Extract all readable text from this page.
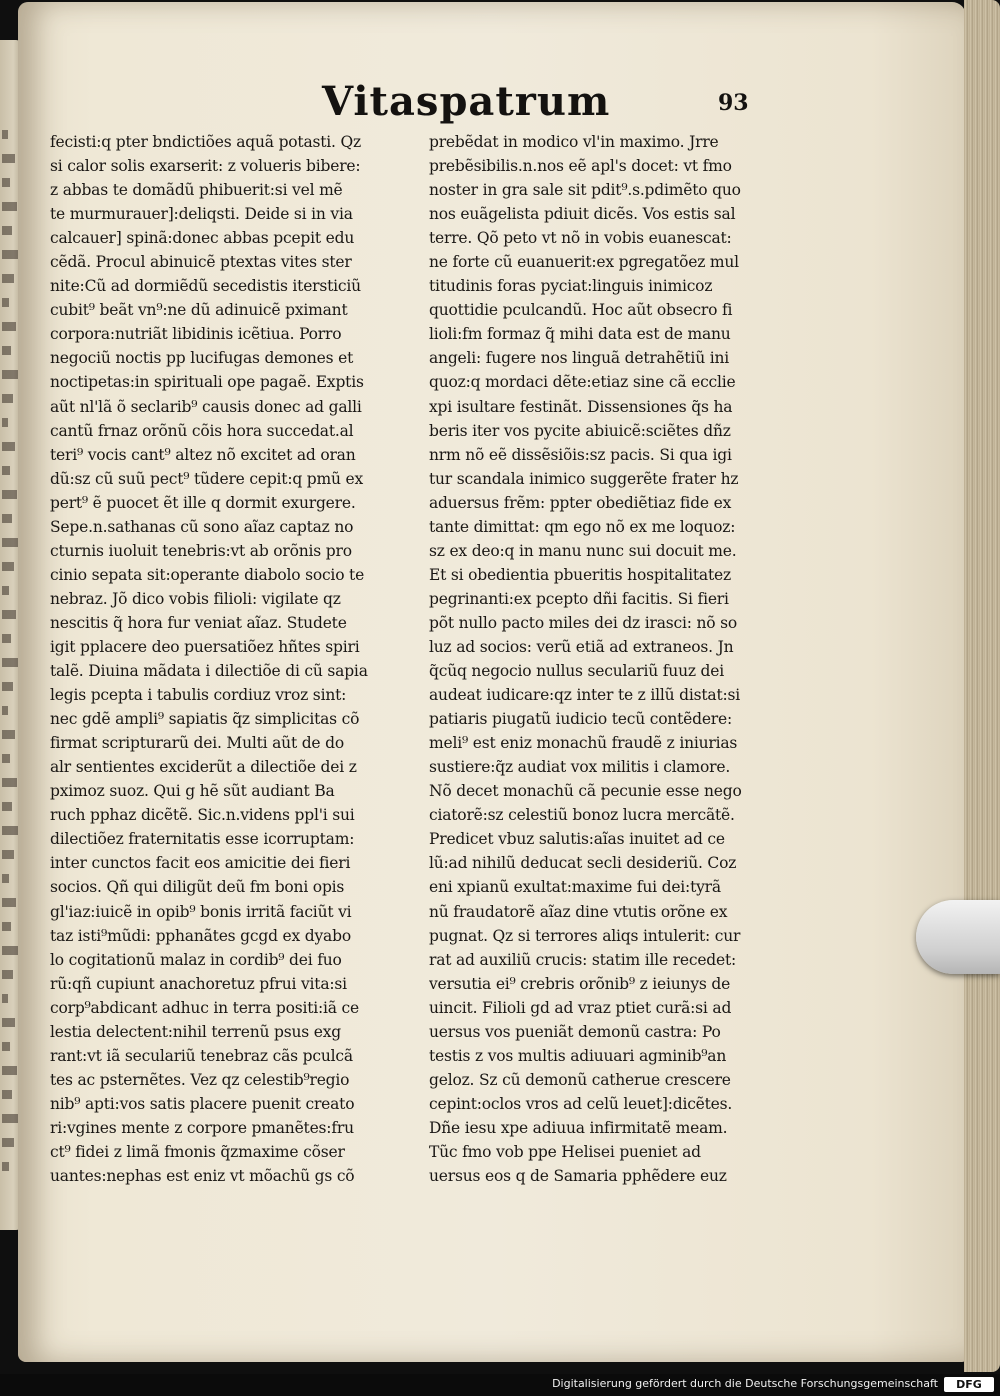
Vitaspatrum	93
fecisti:q pter bndictiões aquã potasti. Qz
si calor solis exarserit: z volueris bibere:
z abbas te domãdũ phibuerit:si vel mẽ
te murmurauer]:deliqsti. Deide si in via
calcauer] spinã:donec abbas pcepit edu
cẽdã. Procul abinuicẽ ptextas vites ster
nite:Cũ ad dormiẽdũ secedistis itersticiũ
cubit⁹ beãt vn⁹:ne dũ adinuicẽ pximant
corpora:nutriãt libidinis icẽtiua. Porro
negociũ noctis pp lucifugas demones et
noctipetas:in spirituali ope pagaẽ. Exptis
aũt nl'lã õ seclarib⁹ causis donec ad galli
cantũ frnaz orõnũ cõis hora succedat.al
teri⁹ vocis cant⁹ altez nõ excitet ad oran
dũ:sz cũ suũ pect⁹ tũdere cepit:q pmũ ex
pert⁹ ẽ puocet ẽt ille q dormit exurgere.
Sepe.n.sathanas cũ sono aĩaz captaz no
cturnis iuoluit tenebris:vt ab orõnis pro
cinio sepata sit:operante diabolo socio te
nebraz. Jõ dico vobis filioli: vigilate qz
nescitis q̃ hora fur veniat aĩaz. Studete
igit pplacere deo puersatiõez hñtes spiri
talẽ. Diuina mãdata i dilectiõe di cũ sapia
legis pcepta i tabulis cordiuz vroz sint:
nec gdẽ ampli⁹ sapiatis q̃z simplicitas cõ
firmat scripturarũ dei. Multi aũt de do
alr sentientes exciderũt a dilectiõe dei z
pximoz suoz. Qui g hẽ sũt audiant Ba
ruch pphaz dicẽtẽ. Sic.n.videns ppl'i sui
dilectiõez fraternitatis esse icorruptam:
inter cunctos facit eos amicitie dei fieri
socios. Qñ qui diligũt deũ fm boni opis
gl'iaz:iuicẽ in opib⁹ bonis irritã faciũt vi
taz isti⁹mũdi: pphanãtes gcgd ex dyabo
lo cogitationũ malaz in cordib⁹ dei fuo
rũ:qñ cupiunt anachoretuz pfrui vita:si
corp⁹abdicant adhuc in terra positi:iã ce
lestia delectent:nihil terrenũ psus exg
rant:vt iã seculariũ tenebraz cãs pculcã
tes ac psternẽtes. Vez qz celestib⁹regio
nib⁹ apti:vos satis placere puenit creato
ri:vgines mente z corpore pmanẽtes:fru
ct⁹ fidei z limã fmonis q̃zmaxime cõser
uantes:nephas est eniz vt mõachũ gs cõ
prebẽdat in modico vl'in maximo. Jrre
prebẽsibilis.n.nos eẽ apl's docet: vt fmo
noster in gra sale sit pdit⁹.s.pdimẽto quo
nos euãgelista pdiuit dicẽs. Vos estis sal
terre. Qõ peto vt nõ in vobis euanescat:
ne forte cũ euanuerit:ex pgregatõez mul
titudinis foras pyciat:linguis inimicoz
quottidie pculcandũ. Hoc aũt obsecro fi
lioli:fm formaz q̃ mihi data est de manu
angeli: fugere nos linguã detrahẽtiũ ini
quoz:q mordaci dẽte:etiaz sine cã ecclie
xpi isultare festinãt. Dissensiones q̃s ha
beris iter vos pycite abiuicẽ:sciẽtes dñz
nrm nõ eẽ dissẽsiõis:sz pacis. Si qua igi
tur scandala inimico suggerẽte frater hz
aduersus frẽm: ppter obediẽtiaz fide ex
tante dimittat: qm ego nõ ex me loquoz:
sz ex deo:q in manu nunc sui docuit me.
Et si obedientia pbueritis hospitalitatez
pegrinanti:ex pcepto dñi facitis. Si fieri
põt nullo pacto miles dei dz irasci: nõ so
luz ad socios: verũ etiã ad extraneos. Jn
q̃cũq negocio nullus seculariũ fuuz dei
audeat iudicare:qz inter te z illũ distat:si
patiaris piugatũ iudicio tecũ contẽdere:
meli⁹ est eniz monachũ fraudẽ z iniurias
sustiere:q̃z audiat vox militis i clamore.
Nõ decet monachũ cã pecunie esse nego
ciatorẽ:sz celestiũ bonoz lucra mercãtẽ.
Predicet vbuz salutis:aĩas inuitet ad ce
lũ:ad nihilũ deducat secli desideriũ. Coz
eni xpianũ exultat:maxime fui dei:tyrã
nũ fraudatorẽ aĩaz dine vtutis orõne ex
pugnat. Qz si terrores aliqs intulerit: cur
rat ad auxiliũ crucis: statim ille recedet:
versutia ei⁹ crebris orõnib⁹ z ieiunys de
uincit. Filioli gd ad vraz ptiet curã:si ad
uersus vos pueniãt demonũ castra: Po
testis z vos multis adiuuari agminib⁹an
geloz. Sz cũ demonũ catherue crescere
cepint:oclos vros ad celũ leuet]:dicẽtes.
Dñe iesu xpe adiuua infirmitatẽ meam.
Tũc fmo vob ppe Helisei pueniet ad
uersus eos q de Samaria pphẽdere euz
Digitalisierung gefördert durch die Deutsche Forschungsgemeinschaft	DFG
